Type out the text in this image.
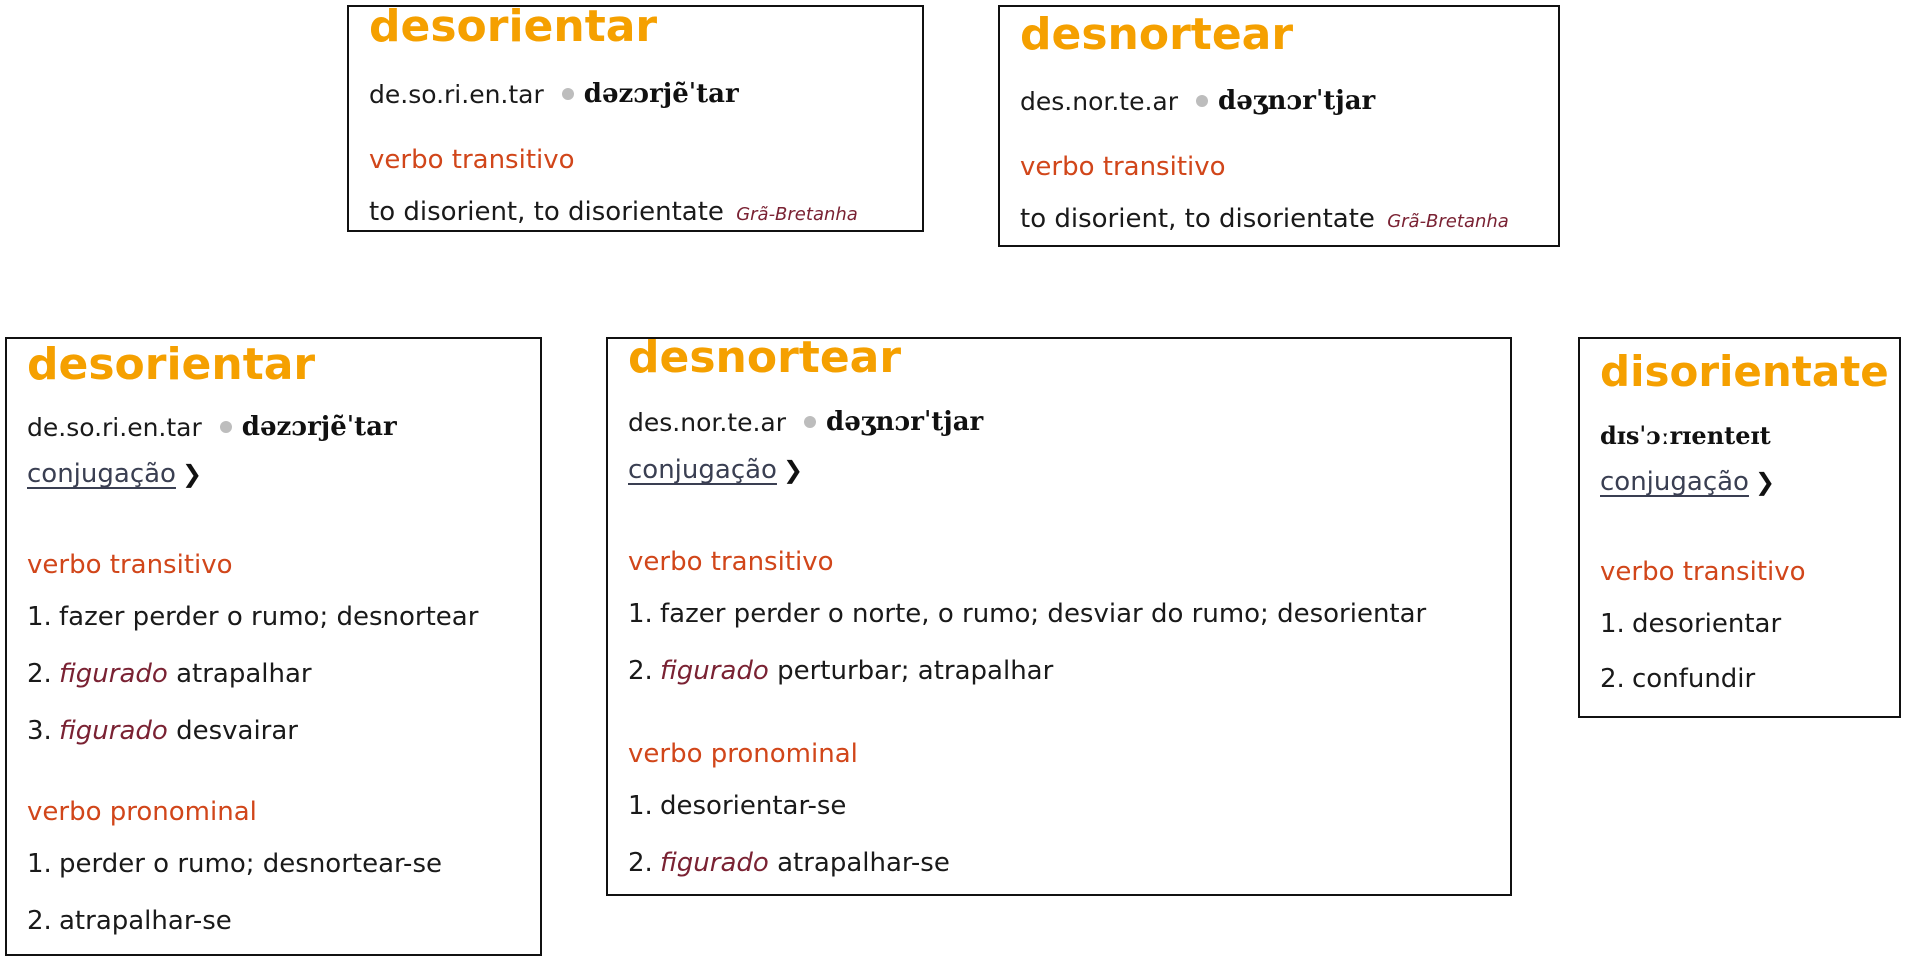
desorientar
de.so.ri.en.tar dəzɔrjẽˈtar
verbo transitivo
to disorient, to disorientate Grã-Bretanha
desnortear
des.nor.te.ar dəʒnɔrˈtjar
verbo transitivo
to disorient, to disorientate Grã-Bretanha
desorientar
de.so.ri.en.tar dəzɔrjẽˈtar
conjugação ❯
verbo transitivo
1. fazer perder o rumo; desnortear
2. figurado atrapalhar
3. figurado desvairar
verbo pronominal
1. perder o rumo; desnortear-se
2. atrapalhar-se
desnortear
des.nor.te.ar dəʒnɔrˈtjar
conjugação ❯
verbo transitivo
1. fazer perder o norte, o rumo; desviar do rumo; desorientar
2. figurado perturbar; atrapalhar
verbo pronominal
1. desorientar-se
2. figurado atrapalhar-se
disorientate
dɪsˈɔːrɪenteɪt
conjugação ❯
verbo transitivo
1. desorientar
2. confundir
